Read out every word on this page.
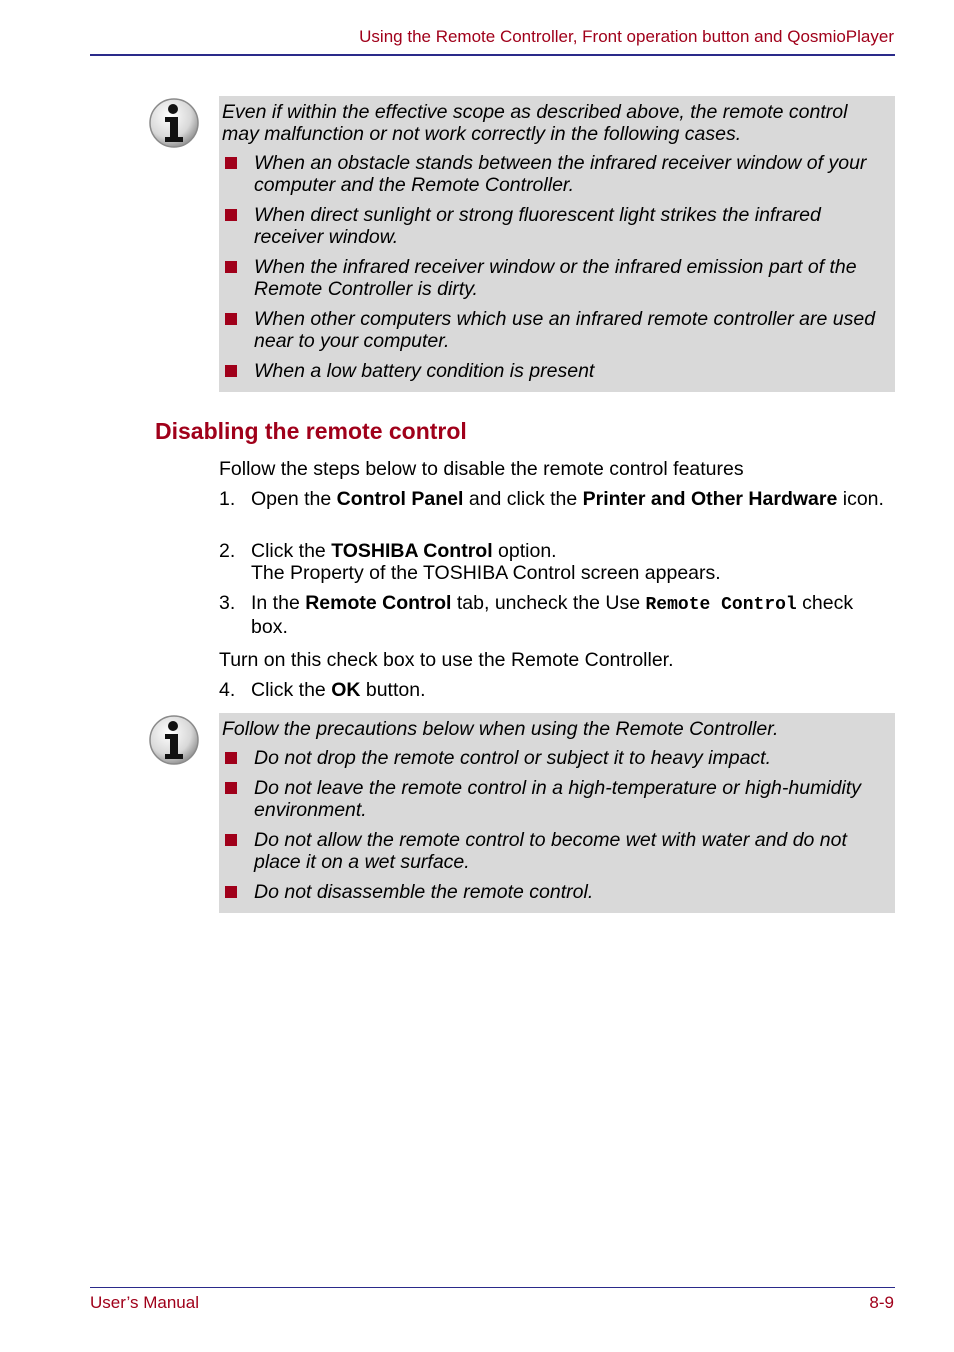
Using the Remote Controller, Front operation button and QosmioPlayer

Even if within the effective scope as described above, the remote control may malfunction or not work correctly in the following cases.

When an obstacle stands between the infrared receiver window of your computer and the Remote Controller.
When direct sunlight or strong fluorescent light strikes the infrared receiver window.
When the infrared receiver window or the infrared emission part of the Remote Controller is dirty.
When other computers which use an infrared remote controller are used near to your computer.
When a low battery condition is present
Disabling the remote control
Follow the steps below to disable the remote control features
1. Open the Control Panel and click the Printer and Other Hardware icon.
2. Click the TOSHIBA Control option.
The Property of the TOSHIBA Control screen appears.
3. In the Remote Control tab, uncheck the Use Remote Control check box.
Turn on this check box to use the Remote Controller.
4. Click the OK button.

Follow the precautions below when using the Remote Controller.

Do not drop the remote control or subject it to heavy impact.
Do not leave the remote control in a high-temperature or high-humidity environment.
Do not allow the remote control to become wet with water and do not place it on a wet surface.
Do not disassemble the remote control.
User’s Manual	8-9
